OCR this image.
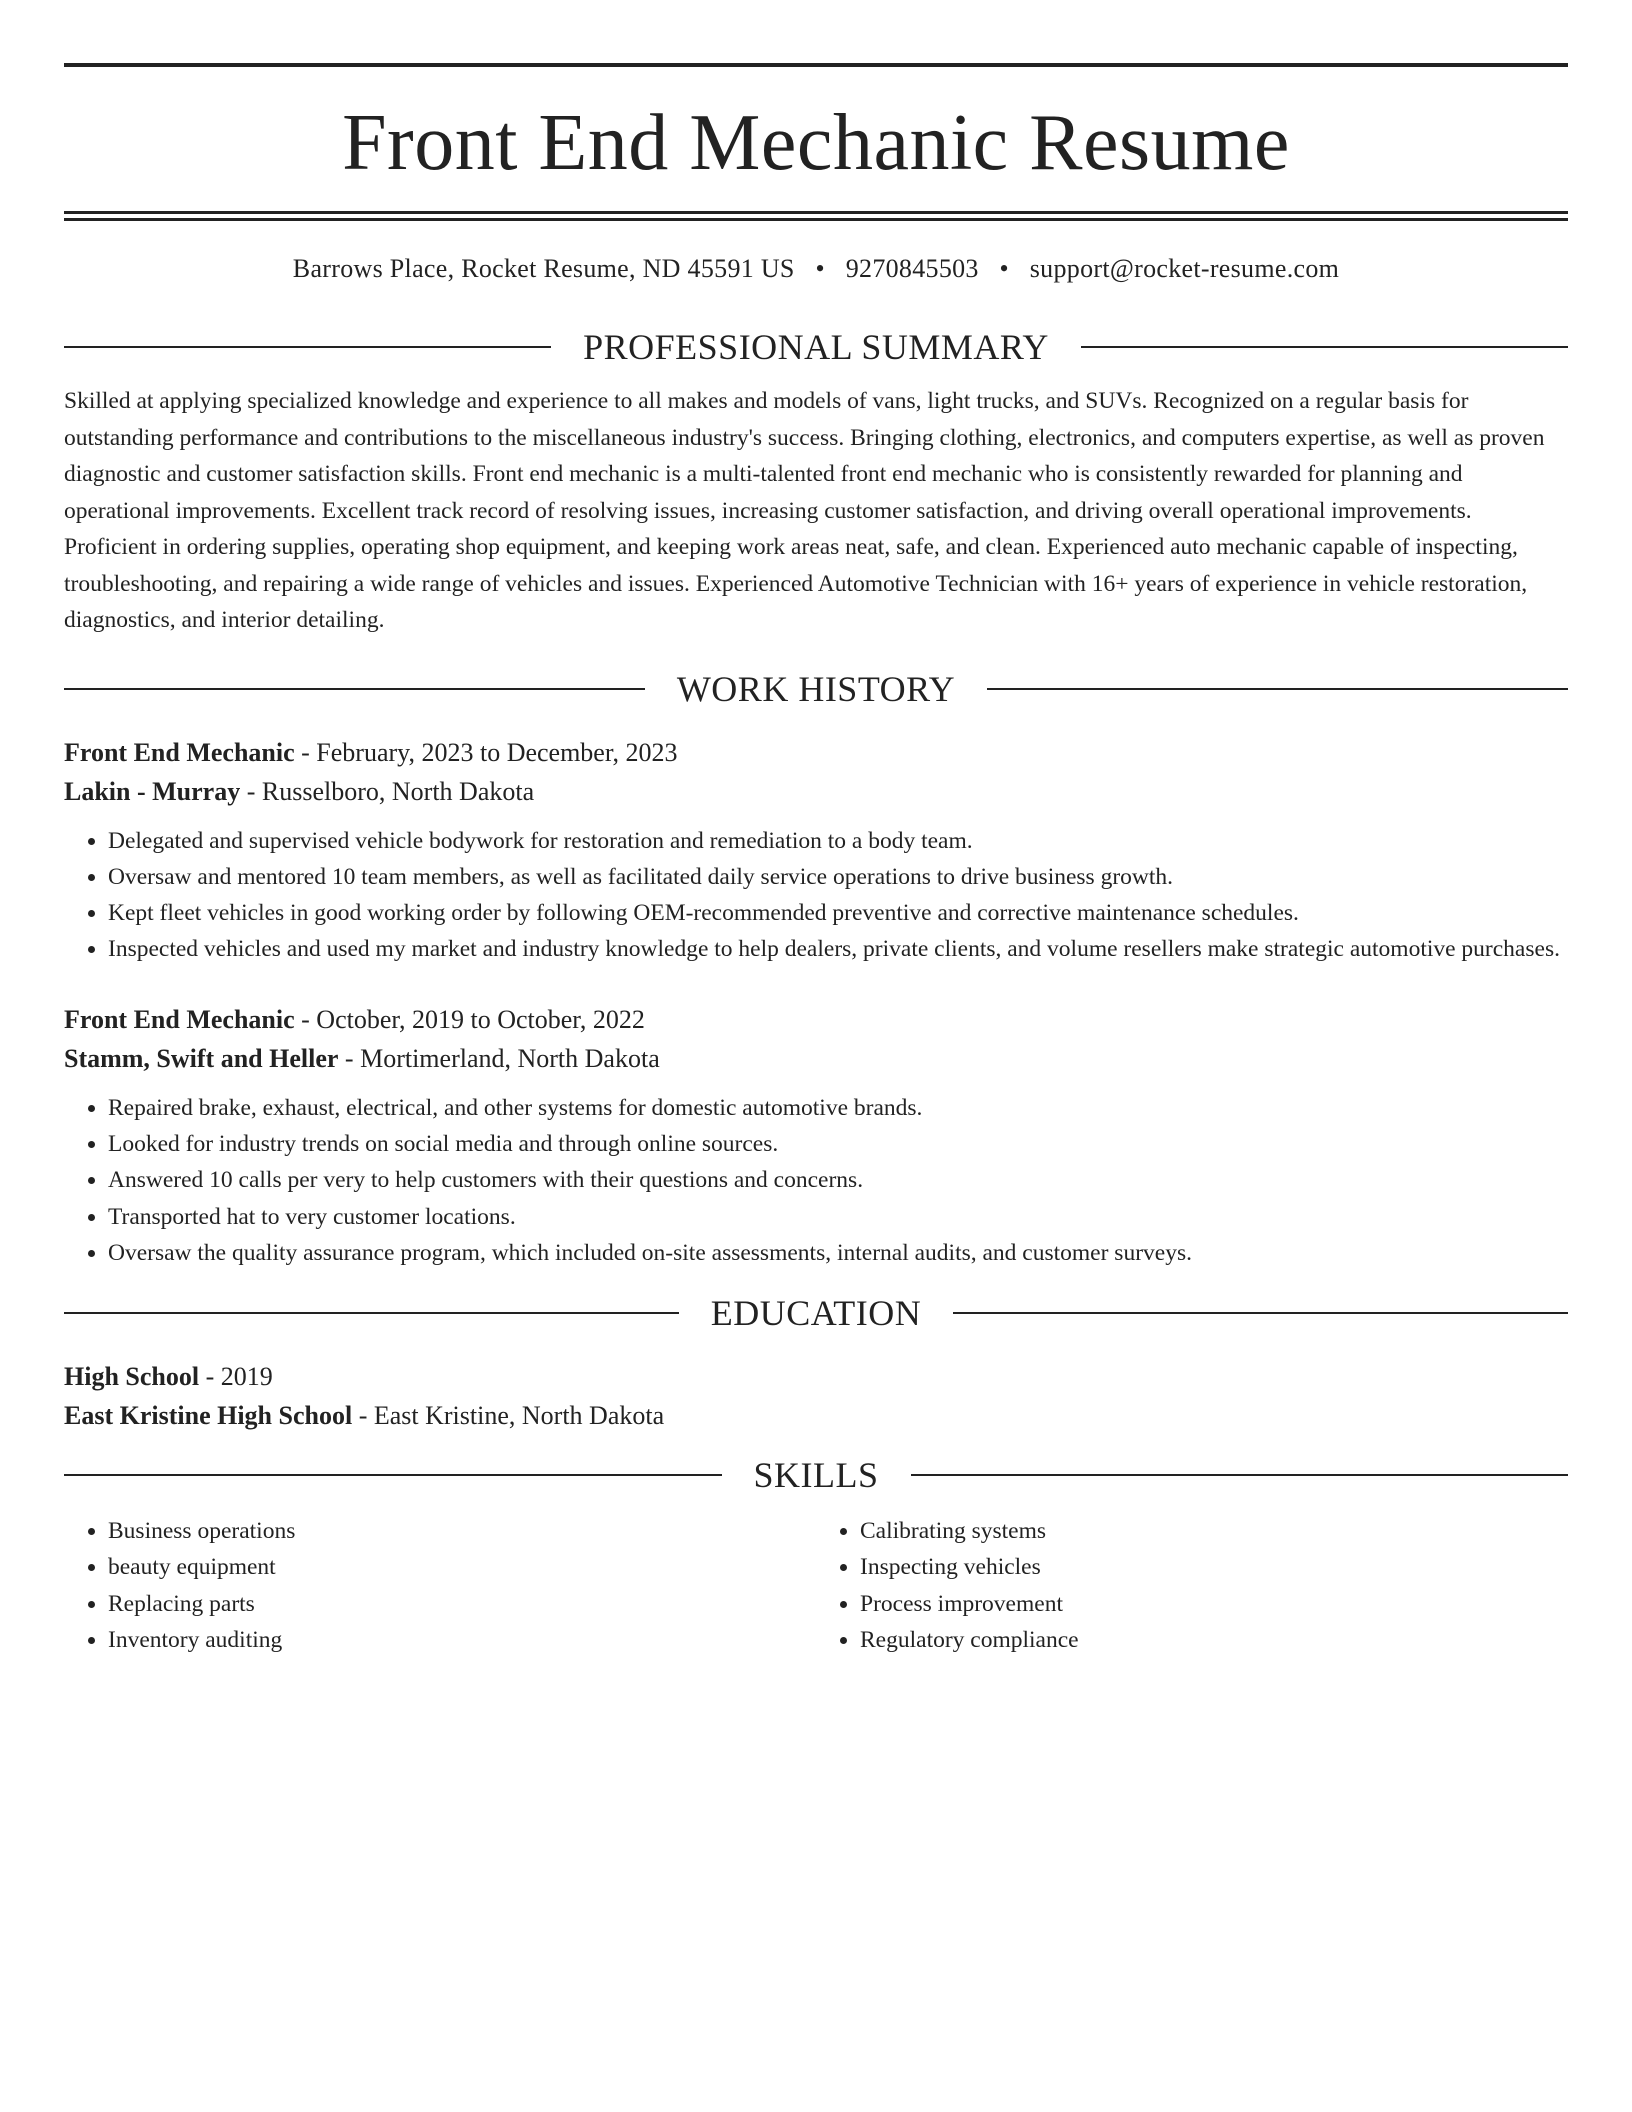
Front End Mechanic Resume
Barrows Place, Rocket Resume, ND 45591 US • 9270845503 • support@rocket-resume.com
PROFESSIONAL SUMMARY

Skilled at applying specialized knowledge and experience to all makes and models of vans, light trucks, and SUVs. Recognized on a regular basis for outstanding performance and contributions to the miscellaneous industry's success. Bringing clothing, electronics, and computers expertise, as well as proven diagnostic and customer satisfaction skills. Front end mechanic is a multi-talented front end mechanic who is consistently rewarded for planning and operational improvements. Excellent track record of resolving issues, increasing customer satisfaction, and driving overall operational improvements. Proficient in ordering supplies, operating shop equipment, and keeping work areas neat, safe, and clean. Experienced auto mechanic capable of inspecting, troubleshooting, and repairing a wide range of vehicles and issues. Experienced Automotive Technician with 16+ years of experience in vehicle restoration, diagnostics, and interior detailing.

WORK HISTORY
Front End Mechanic - February, 2023 to December, 2023
Lakin - Murray - Russelboro, North Dakota
• Delegated and supervised vehicle bodywork for restoration and remediation to a body team.
• Oversaw and mentored 10 team members, as well as facilitated daily service operations to drive business growth.
• Kept fleet vehicles in good working order by following OEM-recommended preventive and corrective maintenance schedules.
• Inspected vehicles and used my market and industry knowledge to help dealers, private clients, and volume resellers make strategic automotive purchases.
Front End Mechanic - October, 2019 to October, 2022
Stamm, Swift and Heller - Mortimerland, North Dakota
• Repaired brake, exhaust, electrical, and other systems for domestic automotive brands.
• Looked for industry trends on social media and through online sources.
• Answered 10 calls per very to help customers with their questions and concerns.
• Transported hat to very customer locations.
• Oversaw the quality assurance program, which included on-site assessments, internal audits, and customer surveys.
EDUCATION
High School - 2019
East Kristine High School - East Kristine, North Dakota
SKILLS
• Business operations
• beauty equipment
• Replacing parts
• Inventory auditing
• Calibrating systems
• Inspecting vehicles
• Process improvement
• Regulatory compliance
